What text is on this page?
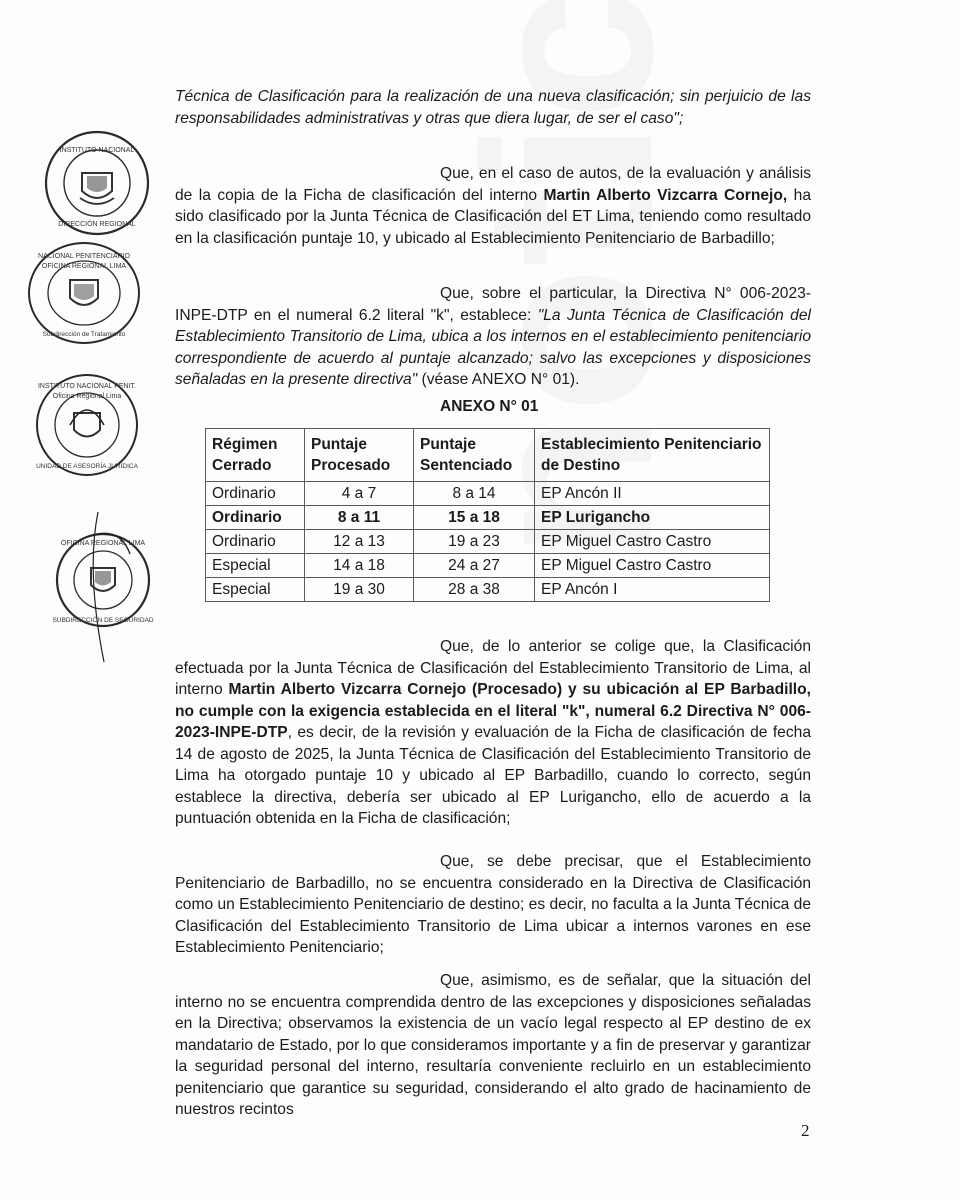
INSTITUTO NACIONAL
DIRECCIÓN REGIONAL
NACIONAL PENITENCIARIO
OFICINA REGIONAL LIMA
Subdirección de Tratamiento
INSTITUTO NACIONAL PENIT.
Oficina Regional Lima
UNIDAD DE ASESORÍA JURÍDICA
OFICINA REGIONAL LIMA
SUBDIRECCIÓN DE SEGURIDAD

Técnica de Clasificación para la realización de una nueva clasificación; sin perjuicio de las responsabilidades administrativas y otras que diera lugar, de ser el caso";

Que, en el caso de autos, de la evaluación y análisis de la copia de la Ficha de clasificación del interno Martin Alberto Vizcarra Cornejo, ha sido clasificado por la Junta Técnica de Clasificación del ET Lima, teniendo como resultado en la clasificación puntaje 10, y ubicado al Establecimiento Penitenciario de Barbadillo;

Que, sobre el particular, la Directiva N° 006-2023-INPE-DTP en el numeral 6.2 literal "k", establece: "La Junta Técnica de Clasificación del Establecimiento Transitorio de Lima, ubica a los internos en el establecimiento penitenciario correspondiente de acuerdo al puntaje alcanzado; salvo las excepciones y disposiciones señaladas en la presente directiva" (véase ANEXO N° 01).

ANEXO N° 01
Régimen Cerrado	Puntaje Procesado	Puntaje Sentenciado	Establecimiento Penitenciario de Destino
Ordinario	4 a 7	8 a 14	EP Ancón II
Ordinario	8 a 11	15 a 18	EP Lurigancho
Ordinario	12 a 13	19 a 23	EP Miguel Castro Castro
Especial	14 a 18	24 a 27	EP Miguel Castro Castro
Especial	19 a 30	28 a 38	EP Ancón I

Que, de lo anterior se colige que, la Clasificación efectuada por la Junta Técnica de Clasificación del Establecimiento Transitorio de Lima, al interno Martin Alberto Vizcarra Cornejo (Procesado) y su ubicación al EP Barbadillo, no cumple con la exigencia establecida en el literal "k", numeral 6.2 Directiva N° 006-2023-INPE-DTP, es decir, de la revisión y evaluación de la Ficha de clasificación de fecha 14 de agosto de 2025, la Junta Técnica de Clasificación del Establecimiento Transitorio de Lima ha otorgado puntaje 10 y ubicado al EP Barbadillo, cuando lo correcto, según establece la directiva, debería ser ubicado al EP Lurigancho, ello de acuerdo a la puntuación obtenida en la Ficha de clasificación;

Que, se debe precisar, que el Establecimiento Penitenciario de Barbadillo, no se encuentra considerado en la Directiva de Clasificación como un Establecimiento Penitenciario de destino; es decir, no faculta a la Junta Técnica de Clasificación del Establecimiento Transitorio de Lima ubicar a internos varones en ese Establecimiento Penitenciario;

Que, asimismo, es de señalar, que la situación del interno no se encuentra comprendida dentro de las excepciones y disposiciones señaladas en la Directiva; observamos la existencia de un vacío legal respecto al EP destino de ex mandatario de Estado, por lo que consideramos importante y a fin de preservar y garantizar la seguridad personal del interno, resultaría conveniente recluirlo en un establecimiento penitenciario que garantice su seguridad, considerando el alto grado de hacinamiento de nuestros recintos

2
